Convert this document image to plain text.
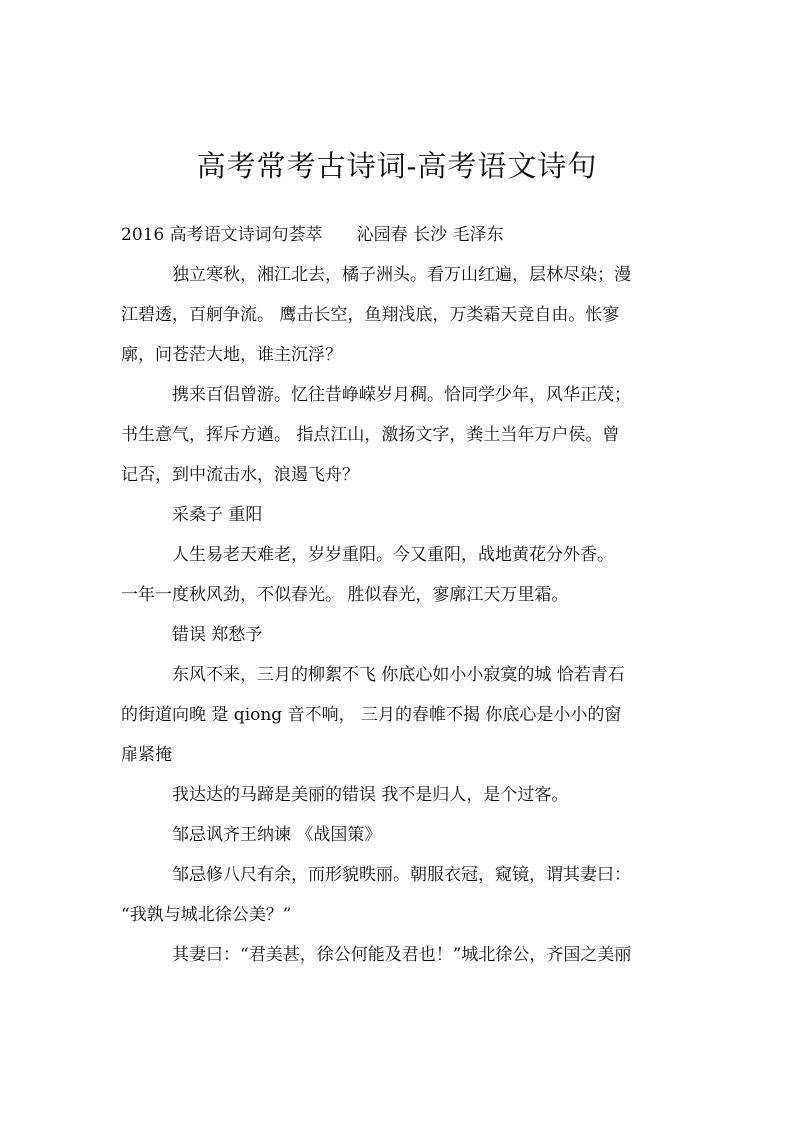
高考常考古诗词-高考语文诗句
2016 高考语文诗词句荟萃　　沁园春 长沙 毛泽东
独立寒秋，湘江北去，橘子洲头。看万山红遍，层林尽染；漫
江碧透，百舸争流。 鹰击长空，鱼翔浅底，万类霜天竞自由。怅寥
廓，问苍茫大地，谁主沉浮？
携来百侣曾游。忆往昔峥嵘岁月稠。恰同学少年，风华正茂；
书生意气，挥斥方遒。 指点江山，激扬文字，粪土当年万户侯。曾
记否，到中流击水，浪遏飞舟？
采桑子 重阳
人生易老天难老，岁岁重阳。今又重阳，战地黄花分外香。
一年一度秋风劲，不似春光。 胜似春光，寥廓江天万里霜。
错误 郑愁予
东风不来，三月的柳絮不飞 你底心如小小寂寞的城 恰若青石
的街道向晚 跫 qiong 音不响， 三月的春帷不揭 你底心是小小的窗
扉紧掩
我达达的马蹄是美丽的错误 我不是归人，是个过客。
邹忌讽齐王纳谏 《战国策》
邹忌修八尺有余，而形貌昳丽。朝服衣冠，窥镜，谓其妻曰：
“我孰与城北徐公美？”
其妻曰：“君美甚，徐公何能及君也！”城北徐公，齐国之美丽
